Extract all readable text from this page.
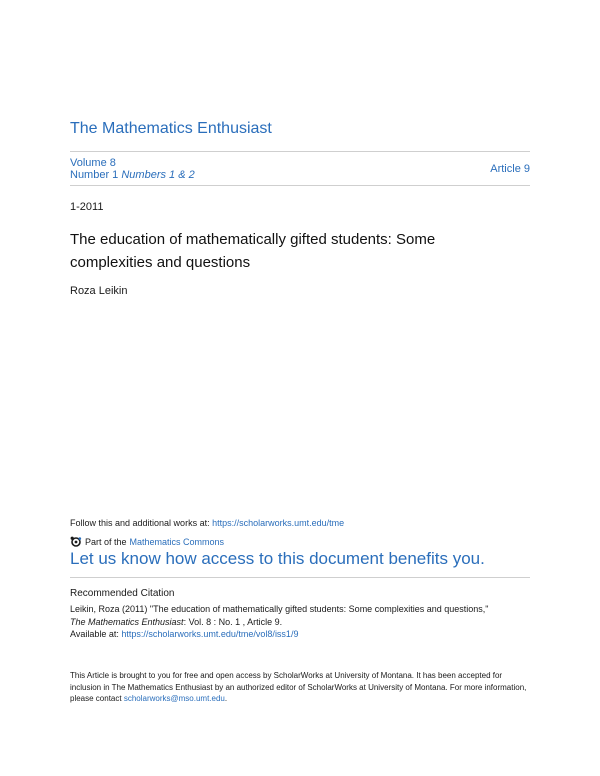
The Mathematics Enthusiast
Volume 8
Number 1 Numbers 1 & 2	Article 9
1-2011
The education of mathematically gifted students: Some complexities and questions
Roza Leikin
Follow this and additional works at: https://scholarworks.umt.edu/tme
Part of the Mathematics Commons
Let us know how access to this document benefits you.
Recommended Citation
Leikin, Roza (2011) "The education of mathematically gifted students: Some complexities and questions,"
The Mathematics Enthusiast: Vol. 8 : No. 1 , Article 9.
Available at: https://scholarworks.umt.edu/tme/vol8/iss1/9
This Article is brought to you for free and open access by ScholarWorks at University of Montana. It has been accepted for inclusion in The Mathematics Enthusiast by an authorized editor of ScholarWorks at University of Montana. For more information, please contact scholarworks@mso.umt.edu.
